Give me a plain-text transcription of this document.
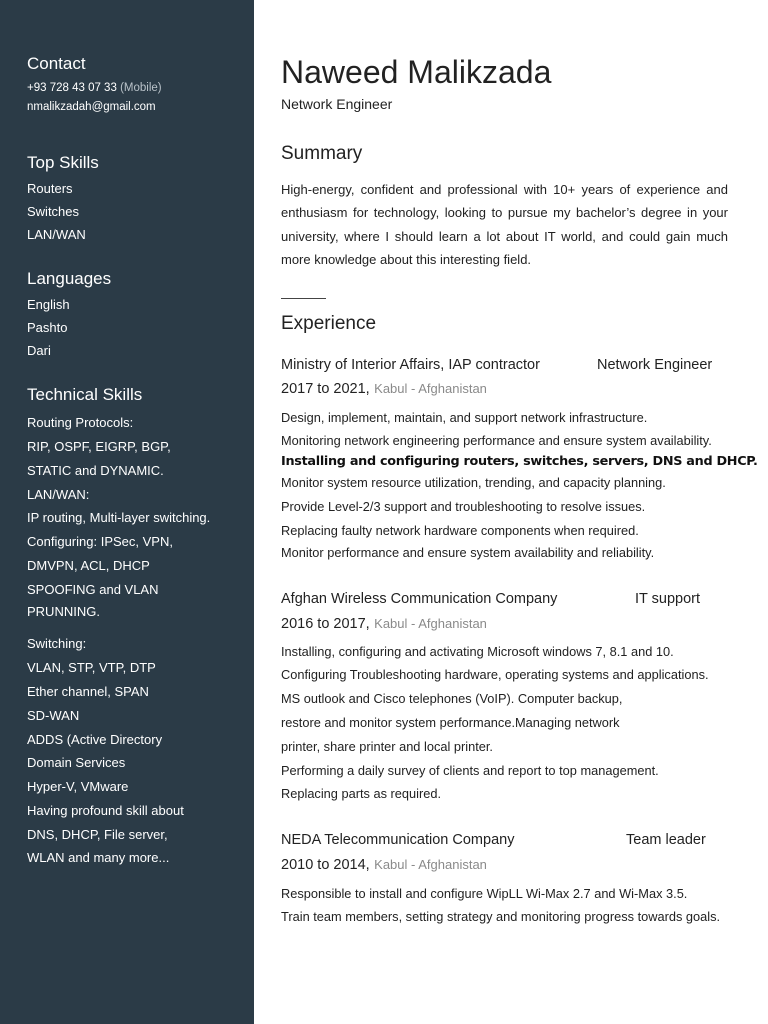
Contact
+93 728 43 07 33 (Mobile)
nmalikzadah@gmail.com
Top Skills
Routers
Switches
LAN/WAN
Languages
English
Pashto
Dari
Technical Skills
Routing Protocols:
RIP, OSPF, EIGRP, BGP,
STATIC and DYNAMIC.
LAN/WAN:
IP routing, Multi-layer switching.
Configuring: IPSec, VPN,
DMVPN, ACL, DHCP
SPOOFING and VLAN
PRUNNING.
Switching:
VLAN, STP, VTP, DTP
Ether channel, SPAN
SD-WAN
ADDS (Active Directory
Domain Services
Hyper-V, VMware
Having profound skill about
DNS, DHCP, File server,
WLAN and many more...
Naweed Malikzada
Network Engineer
Summary
High-energy, confident and professional with 10+ years of experience and enthusiasm for technology, looking to pursue my bachelor’s degree in your university, where I should learn a lot about IT world, and could gain much more knowledge about this interesting field.
Experience
Ministry of Interior Affairs, IAP contractor	Network Engineer
2017 to 2021, Kabul - Afghanistan
Design, implement, maintain, and support network infrastructure.
Monitoring network engineering performance and ensure system availability.
Installing and configuring routers, switches, servers, DNS and DHCP.
Monitor system resource utilization, trending, and capacity planning.
Provide Level-2/3 support and troubleshooting to resolve issues.
Replacing faulty network hardware components when required.
Monitor performance and ensure system availability and reliability.
Afghan Wireless Communication Company	IT support
2016 to 2017, Kabul - Afghanistan
Installing, configuring and activating Microsoft windows 7, 8.1 and 10.
Configuring Troubleshooting hardware, operating systems and applications.
MS outlook and Cisco telephones (VoIP). Computer backup,
restore and monitor system performance.Managing network
printer, share printer and local printer.
Performing a daily survey of clients and report to top management.
Replacing parts as required.
NEDA Telecommunication Company	Team leader
2010 to 2014, Kabul - Afghanistan
Responsible to install and configure WipLL Wi-Max 2.7 and Wi-Max 3.5.
Train team members, setting strategy and monitoring progress towards goals.
